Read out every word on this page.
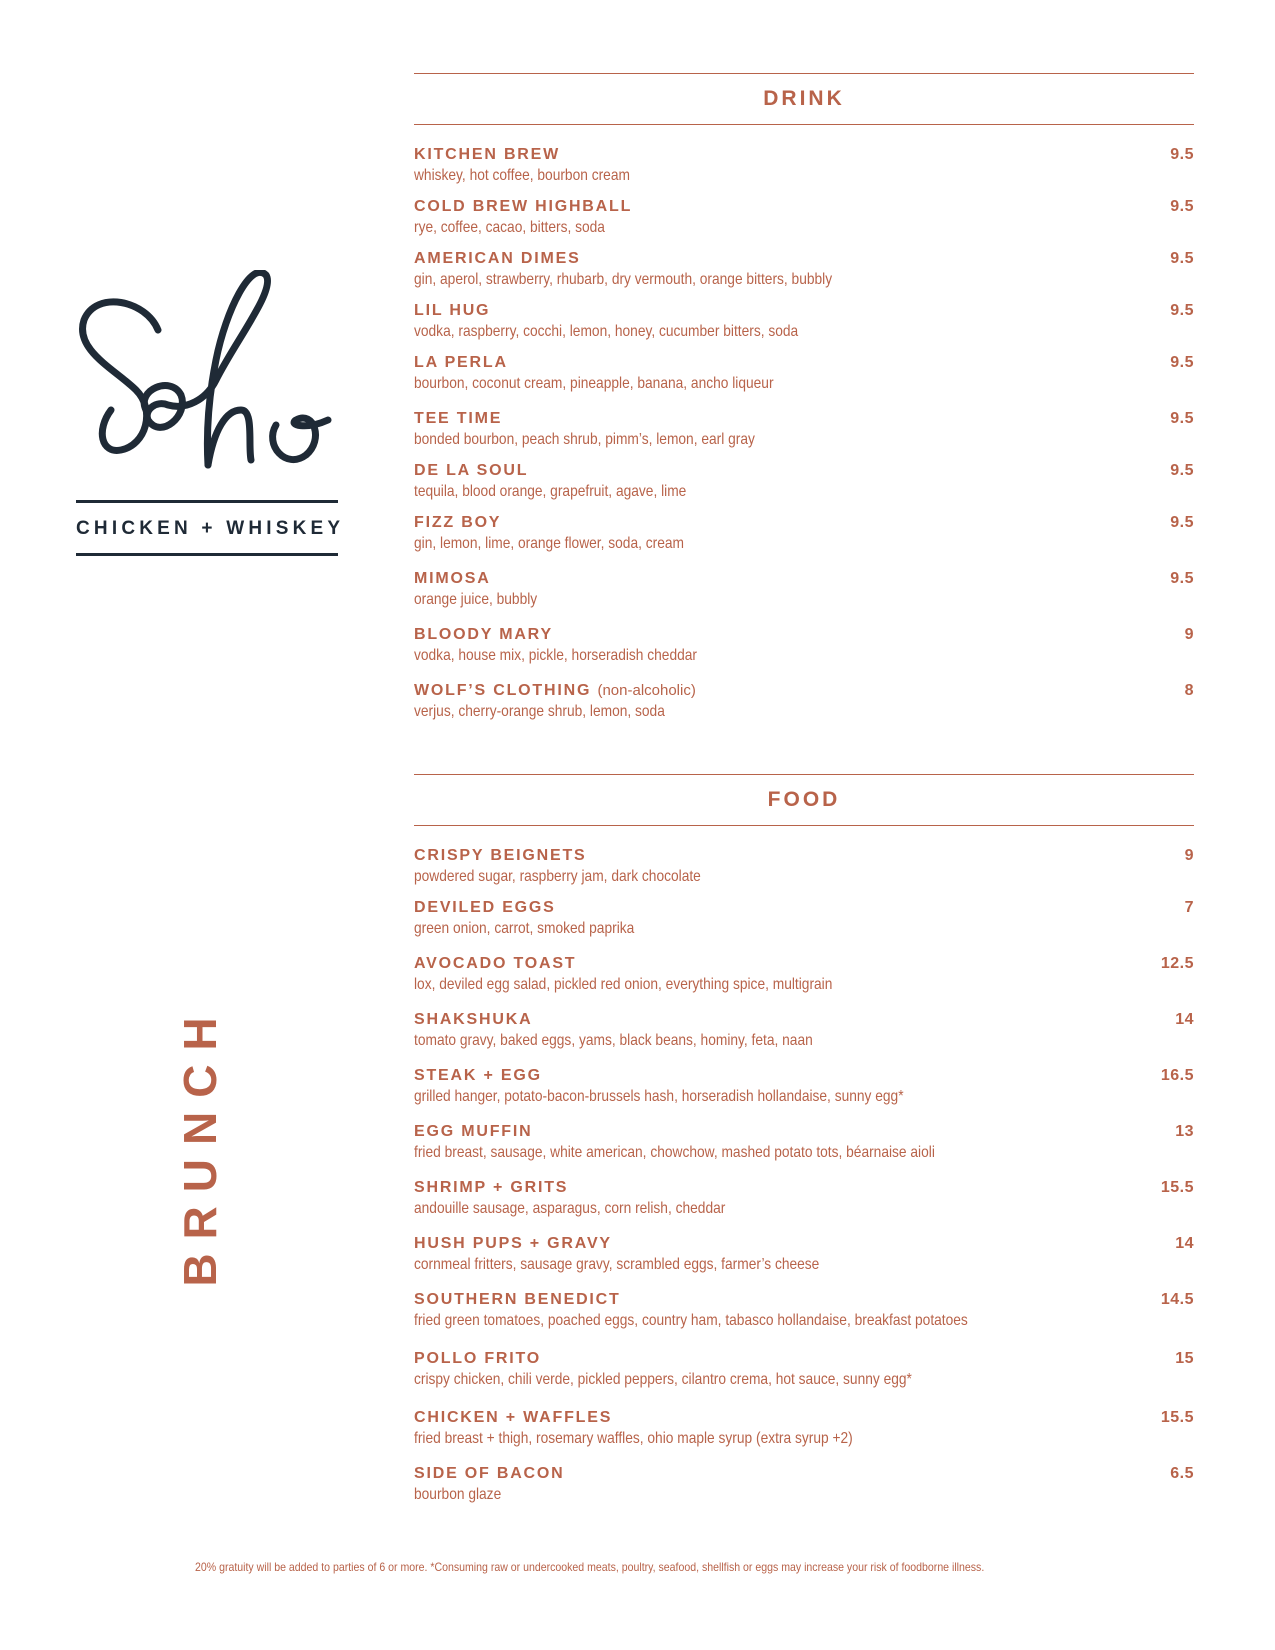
CHICKEN + WHISKEY
BRUNCH
DRINK
KITCHEN BREW	9.5
whiskey, hot coffee, bourbon cream
COLD BREW HIGHBALL	9.5
rye, coffee, cacao, bitters, soda
AMERICAN DIMES	9.5
gin, aperol, strawberry, rhubarb, dry vermouth, orange bitters, bubbly
LIL HUG	9.5
vodka, raspberry, cocchi, lemon, honey, cucumber bitters, soda
LA PERLA	9.5
bourbon, coconut cream, pineapple, banana, ancho liqueur
TEE TIME	9.5
bonded bourbon, peach shrub, pimm’s, lemon, earl gray
DE LA SOUL	9.5
tequila, blood orange, grapefruit, agave, lime
FIZZ BOY	9.5
gin, lemon, lime, orange flower, soda, cream
MIMOSA	9.5
orange juice, bubbly
BLOODY MARY	9
vodka, house mix, pickle, horseradish cheddar
WOLF’S CLOTHING (non-alcoholic)	8
verjus, cherry-orange shrub, lemon, soda
FOOD
CRISPY BEIGNETS	9
powdered sugar, raspberry jam, dark chocolate
DEVILED EGGS	7
green onion, carrot, smoked paprika
AVOCADO TOAST	12.5
lox, deviled egg salad, pickled red onion, everything spice, multigrain
SHAKSHUKA	14
tomato gravy, baked eggs, yams, black beans, hominy, feta, naan
STEAK + EGG	16.5
grilled hanger, potato-bacon-brussels hash, horseradish hollandaise, sunny egg*
EGG MUFFIN	13
fried breast, sausage, white american, chowchow, mashed potato tots, béarnaise aioli
SHRIMP + GRITS	15.5
andouille sausage, asparagus, corn relish, cheddar
HUSH PUPS + GRAVY	14
cornmeal fritters, sausage gravy, scrambled eggs, farmer’s cheese
SOUTHERN BENEDICT	14.5
fried green tomatoes, poached eggs, country ham, tabasco hollandaise, breakfast potatoes
POLLO FRITO	15
crispy chicken, chili verde, pickled peppers, cilantro crema, hot sauce, sunny egg*
CHICKEN + WAFFLES	15.5
fried breast + thigh, rosemary waffles, ohio maple syrup (extra syrup +2)
SIDE OF BACON	6.5
bourbon glaze
20% gratuity will be added to parties of 6 or more. *Consuming raw or undercooked meats, poultry, seafood, shellfish or eggs may increase your risk of foodborne illness.
